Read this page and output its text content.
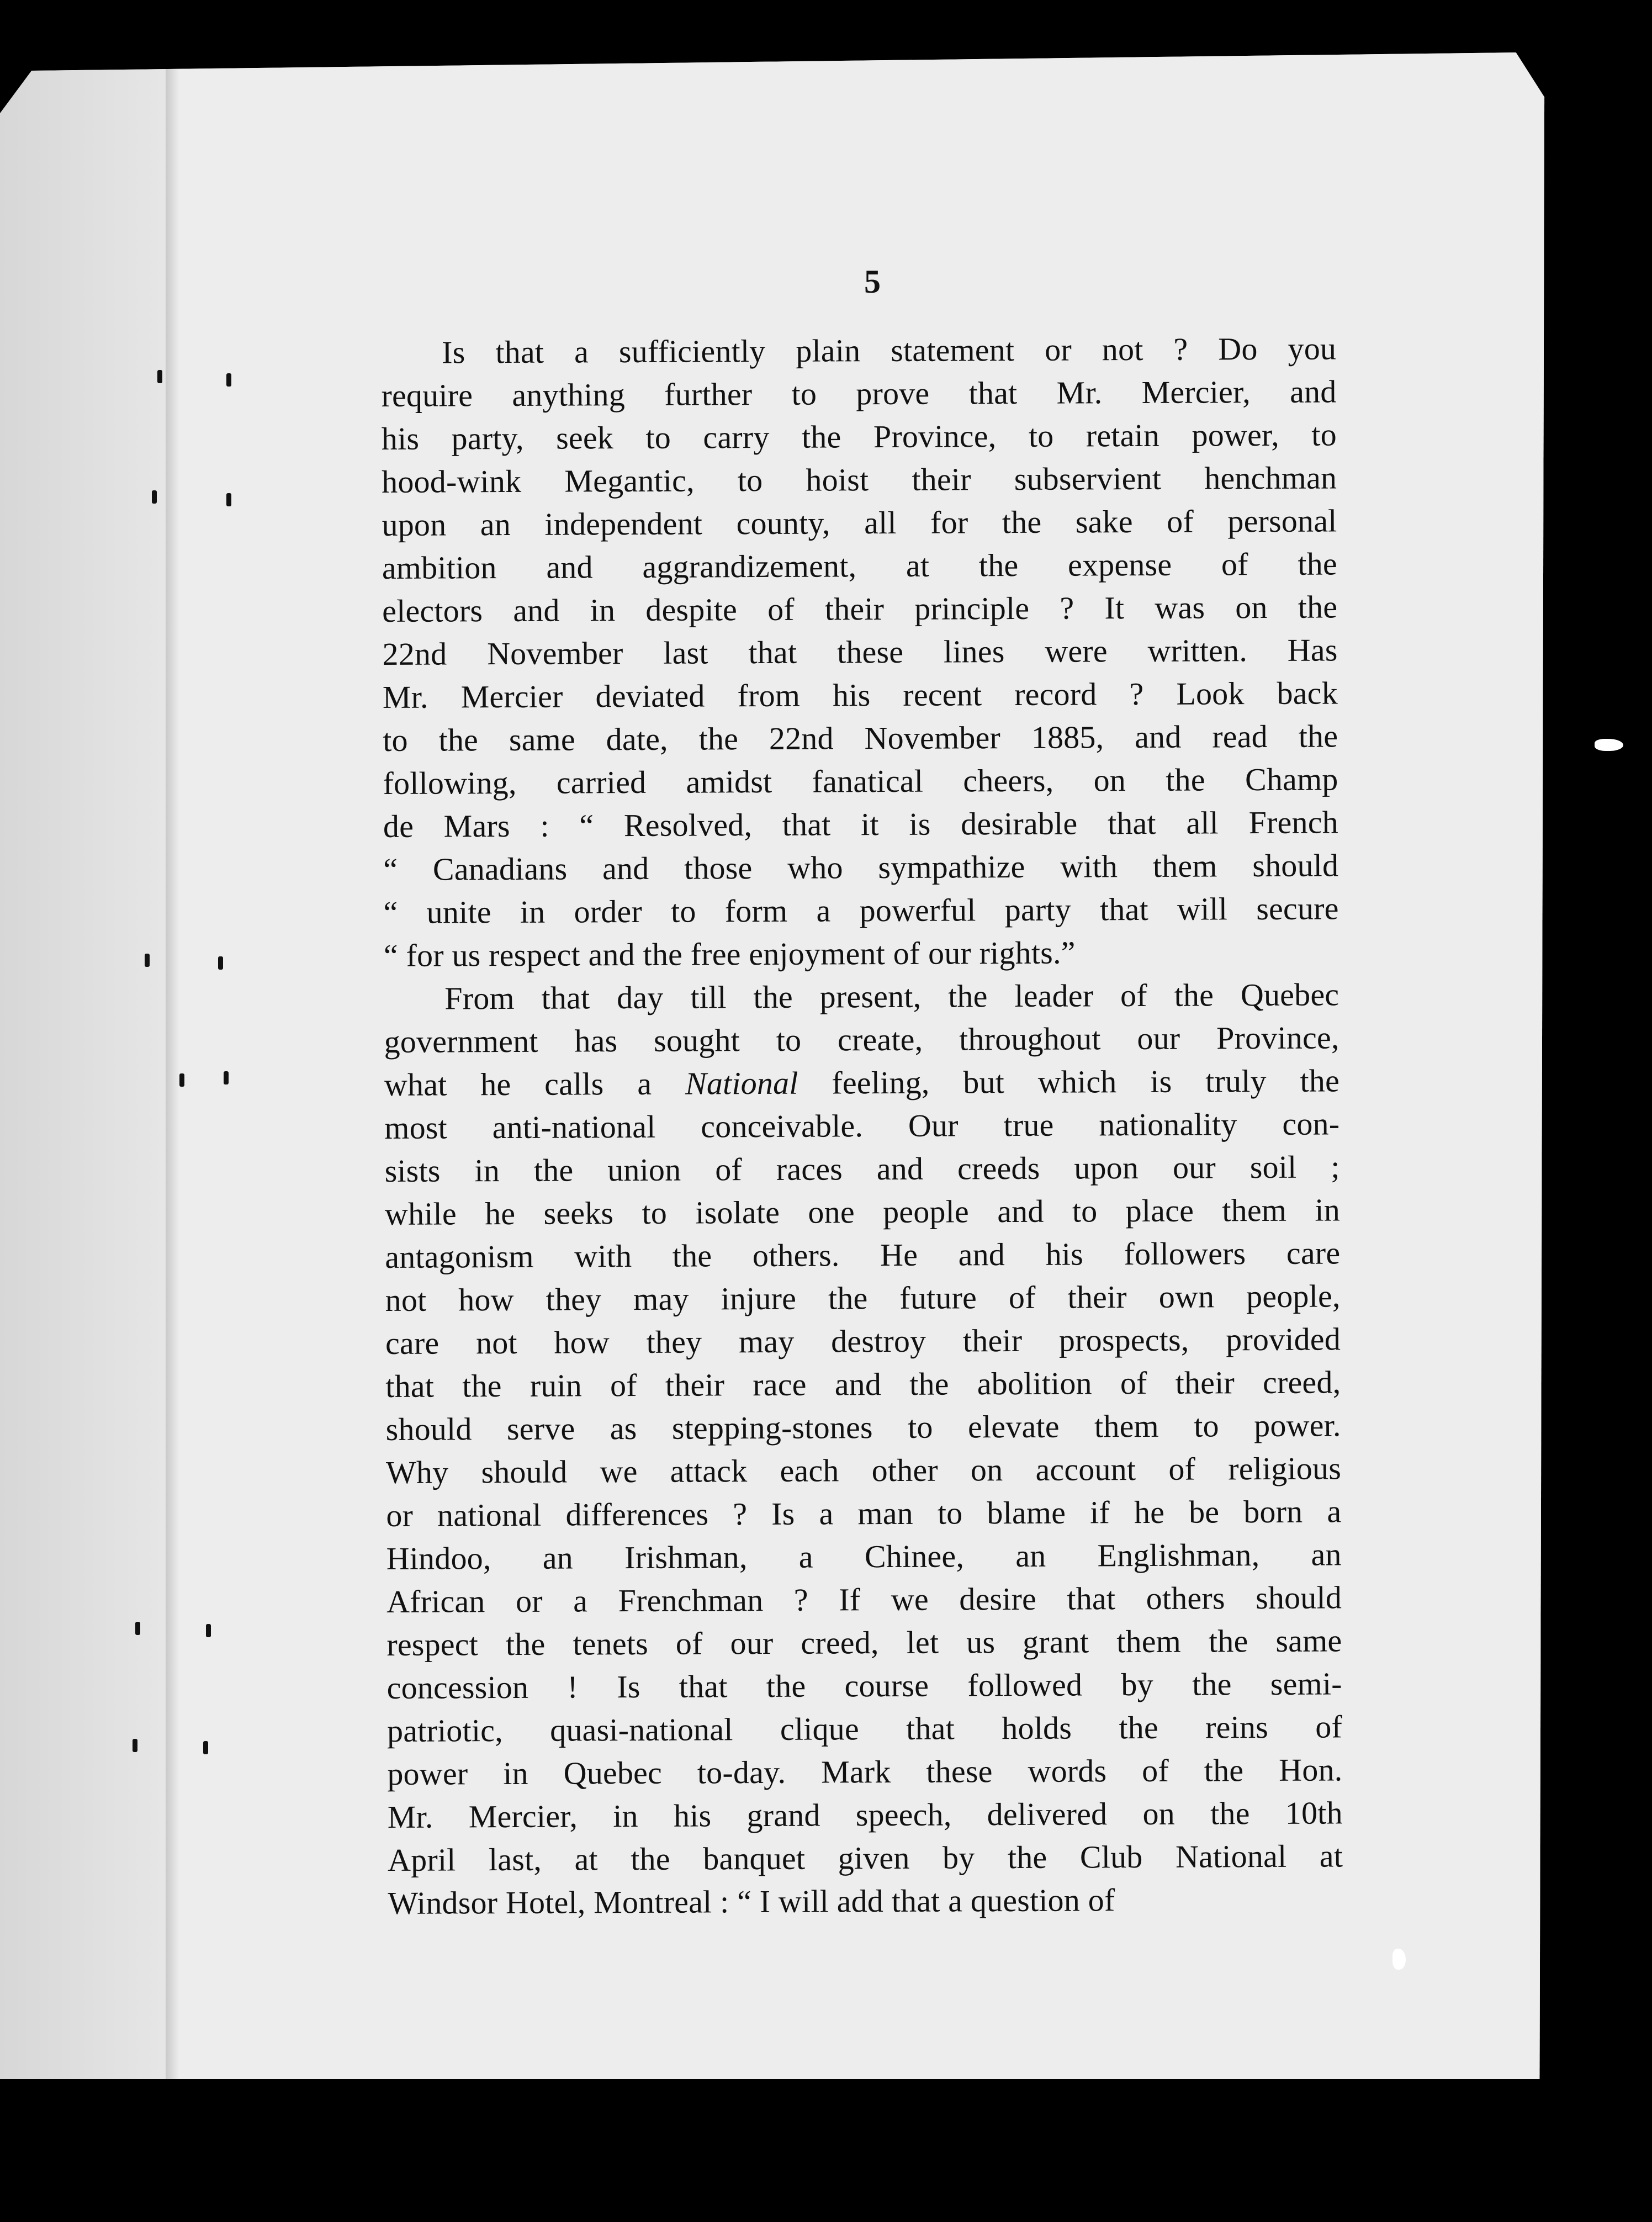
5
Is that a sufficiently plain statement or not ? Do you
require anything further to prove that Mr. Mercier, and
his party, seek to carry the Province, to retain power, to
hood-wink Megantic, to hoist their subservient henchman
upon an independent county, all for the sake of personal
ambition and aggrandizement, at the expense of the
electors and in despite of their principle ? It was on the
22nd November last that these lines were written. Has
Mr. Mercier deviated from his recent record ? Look back
to the same date, the 22nd November 1885, and read the
following, carried amidst fanatical cheers, on the Champ
de Mars : “ Resolved, that it is desirable that all French
“ Canadians and those who sympathize with them should
“ unite in order to form a powerful party that will secure
“ for us respect and the free enjoyment of our rights.”
From that day till the present, the leader of the Quebec
government has sought to create, throughout our Province,
what he calls a National feeling, but which is truly the
most anti-national conceivable. Our true nationality con-
sists in the union of races and creeds upon our soil ;
while he seeks to isolate one people and to place them in
antagonism with the others. He and his followers care
not how they may injure the future of their own people,
care not how they may destroy their prospects, provided
that the ruin of their race and the abolition of their creed,
should serve as stepping-stones to elevate them to power.
Why should we attack each other on account of religious
or national differences ? Is a man to blame if he be born a
Hindoo, an Irishman, a Chinee, an Englishman, an
African or a Frenchman ? If we desire that others should
respect the tenets of our creed, let us grant them the same
concession ! Is that the course followed by the semi-
patriotic, quasi-national clique that holds the reins of
power in Quebec to-day. Mark these words of the Hon.
Mr. Mercier, in his grand speech, delivered on the 10th
April last, at the banquet given by the Club National at
Windsor Hotel, Montreal : “ I will add that a question of
